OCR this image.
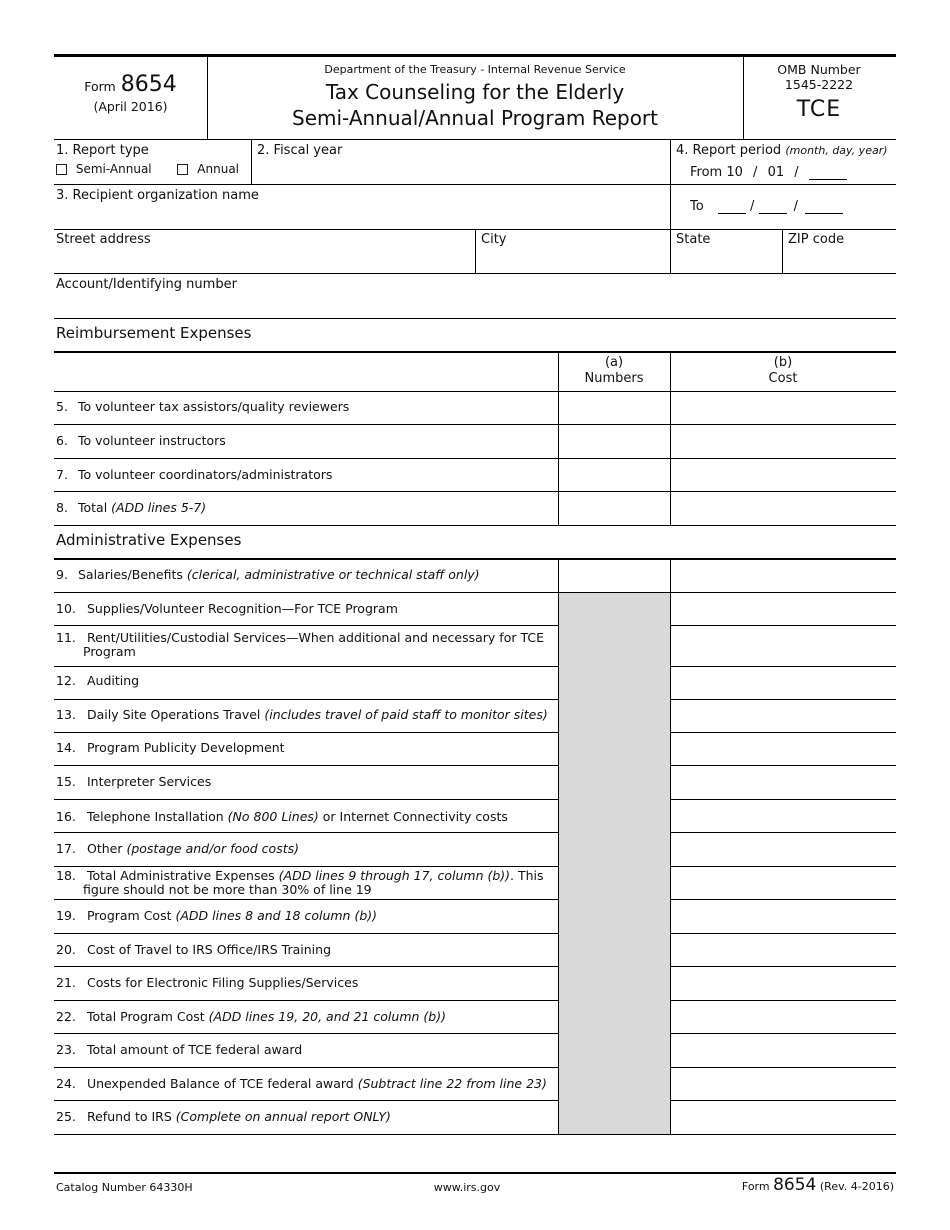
Form 8654
(April 2016)
Department of the Treasury - Internal Revenue Service
Tax Counseling for the Elderly
Semi-Annual/Annual Program Report
OMB Number
1545-2222
TCE
1. Report type
Semi-Annual	Annual
2. Fiscal year	4. Report period (month, day, year)
From 10 / 01 /
To	/	/
3. Recipient organization name
Street address	City	State	ZIP code
Account/Identifying number
Reimbursement Expenses
(a)
Numbers
(b)
Cost
5. To volunteer tax assistors/quality reviewers
6. To volunteer instructors
7. To volunteer coordinators/administrators
8. Total (ADD lines 5-7)
Administrative Expenses
9. Salaries/Benefits (clerical, administrative or technical staff only)
10. Supplies/Volunteer Recognition—For TCE Program
11. Rent/Utilities/Custodial Services—When additional and necessary for TCE
Program
12. Auditing
13. Daily Site Operations Travel (includes travel of paid staff to monitor sites)
14. Program Publicity Development
15. Interpreter Services
16. Telephone Installation (No 800 Lines) or Internet Connectivity costs
17. Other (postage and/or food costs)
18. Total Administrative Expenses (ADD lines 9 through 17, column (b)). This
figure should not be more than 30% of line 19
19. Program Cost (ADD lines 8 and 18 column (b))
20. Cost of Travel to IRS Office/IRS Training
21. Costs for Electronic Filing Supplies/Services
22. Total Program Cost (ADD lines 19, 20, and 21 column (b))
23. Total amount of TCE federal award
24. Unexpended Balance of TCE federal award (Subtract line 22 from line 23)
25. Refund to IRS (Complete on annual report ONLY)
Catalog Number 64330H	www.irs.gov	Form 8654 (Rev. 4-2016)
